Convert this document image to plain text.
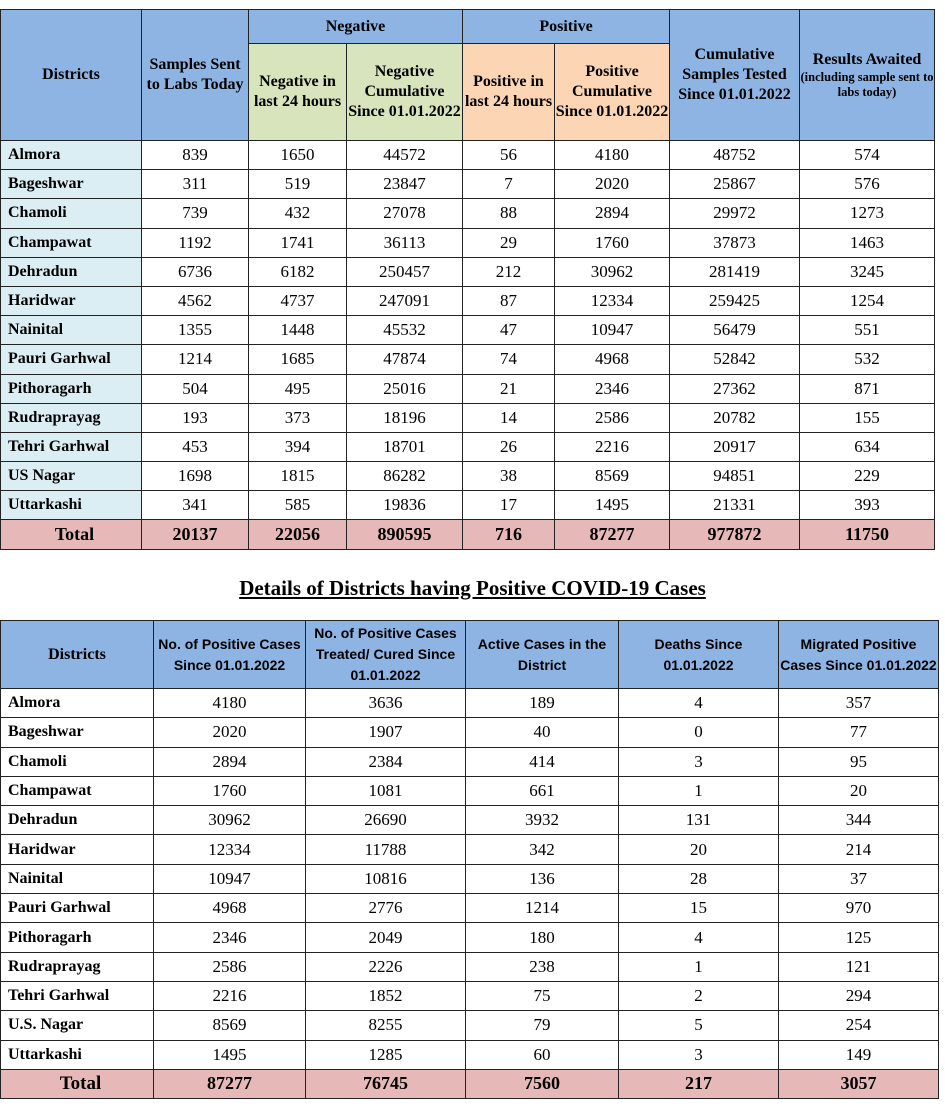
Districts	Samples Sent to Labs Today	Negative		Positive		Cumulative Samples Tested Since 01.01.2022	Results Awaited
(including sample sent to labs today)

		Negative in last 24 hours	Negative Cumulative Since 01.01.2022	Positive in last 24 hours	Positive Cumulative Since 01.01.2022		
Almora	839	1650	44572	56	4180	48752	574
Bageshwar	311	519	23847	7	2020	25867	576
Chamoli	739	432	27078	88	2894	29972	1273
Champawat	1192	1741	36113	29	1760	37873	1463
Dehradun	6736	6182	250457	212	30962	281419	3245
Haridwar	4562	4737	247091	87	12334	259425	1254
Nainital	1355	1448	45532	47	10947	56479	551
Pauri Garhwal	1214	1685	47874	74	4968	52842	532
Pithoragarh	504	495	25016	21	2346	27362	871
Rudraprayag	193	373	18196	14	2586	20782	155
Tehri Garhwal	453	394	18701	26	2216	20917	634
US Nagar	1698	1815	86282	38	8569	94851	229
Uttarkashi	341	585	19836	17	1495	21331	393
Total	20137	22056	890595	716	87277	977872	11750
Details of Districts having Positive COVID-19 Cases
Districts	No. of Positive Cases Since 01.01.2022	No. of Positive Cases Treated/ Cured Since 01.01.2022	Active Cases in the District	Deaths Since 01.01.2022	Migrated Positive Cases Since 01.01.2022
Almora	4180	3636	189	4	357
Bageshwar	2020	1907	40	0	77
Chamoli	2894	2384	414	3	95
Champawat	1760	1081	661	1	20
Dehradun	30962	26690	3932	131	344
Haridwar	12334	11788	342	20	214
Nainital	10947	10816	136	28	37
Pauri Garhwal	4968	2776	1214	15	970
Pithoragarh	2346	2049	180	4	125
Rudraprayag	2586	2226	238	1	121
Tehri Garhwal	2216	1852	75	2	294
U.S. Nagar	8569	8255	79	5	254
Uttarkashi	1495	1285	60	3	149
Total	87277	76745	7560	217	3057
